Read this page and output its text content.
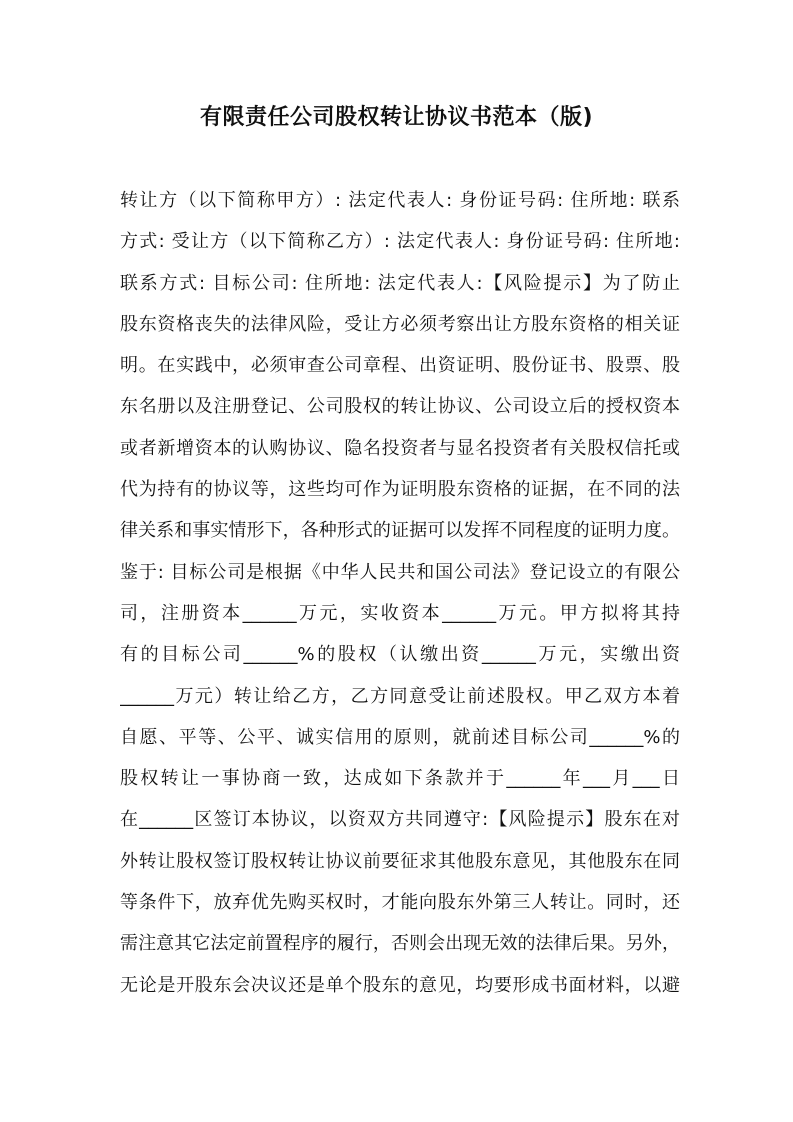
有限责任公司股权转让协议书范本（版)
转让方（以下简称甲方）: 法定代表人: 身份证号码: 住所地: 联系
方式: 受让方（以下简称乙方）: 法定代表人: 身份证号码: 住所地:
联系方式: 目标公司: 住所地: 法定代表人:【风险提示】为了防止
股东资格丧失的法律风险，受让方必须考察出让方股东资格的相关证
明。在实践中，必须审查公司章程、出资证明、股份证书、股票、股
东名册以及注册登记、公司股权的转让协议、公司设立后的授权资本
或者新增资本的认购协议、隐名投资者与显名投资者有关股权信托或
代为持有的协议等，这些均可作为证明股东资格的证据，在不同的法
律关系和事实情形下，各种形式的证据可以发挥不同程度的证明力度。
鉴于: 目标公司是根据《中华人民共和国公司法》登记设立的有限公
司，注册资本______万元，实收资本______万元。甲方拟将其持
有的目标公司______%的股权（认缴出资______万元，实缴出资
______万元）转让给乙方，乙方同意受让前述股权。甲乙双方本着
自愿、平等、公平、诚实信用的原则，就前述目标公司______%的
股权转让一事协商一致，达成如下条款并于______年___月___日
在______区签订本协议，以资双方共同遵守:【风险提示】股东在对
外转让股权签订股权转让协议前要征求其他股东意见，其他股东在同
等条件下，放弃优先购买权时，才能向股东外第三人转让。同时，还
需注意其它法定前置程序的履行，否则会出现无效的法律后果。另外，
无论是开股东会决议还是单个股东的意见，均要形成书面材料，以避
